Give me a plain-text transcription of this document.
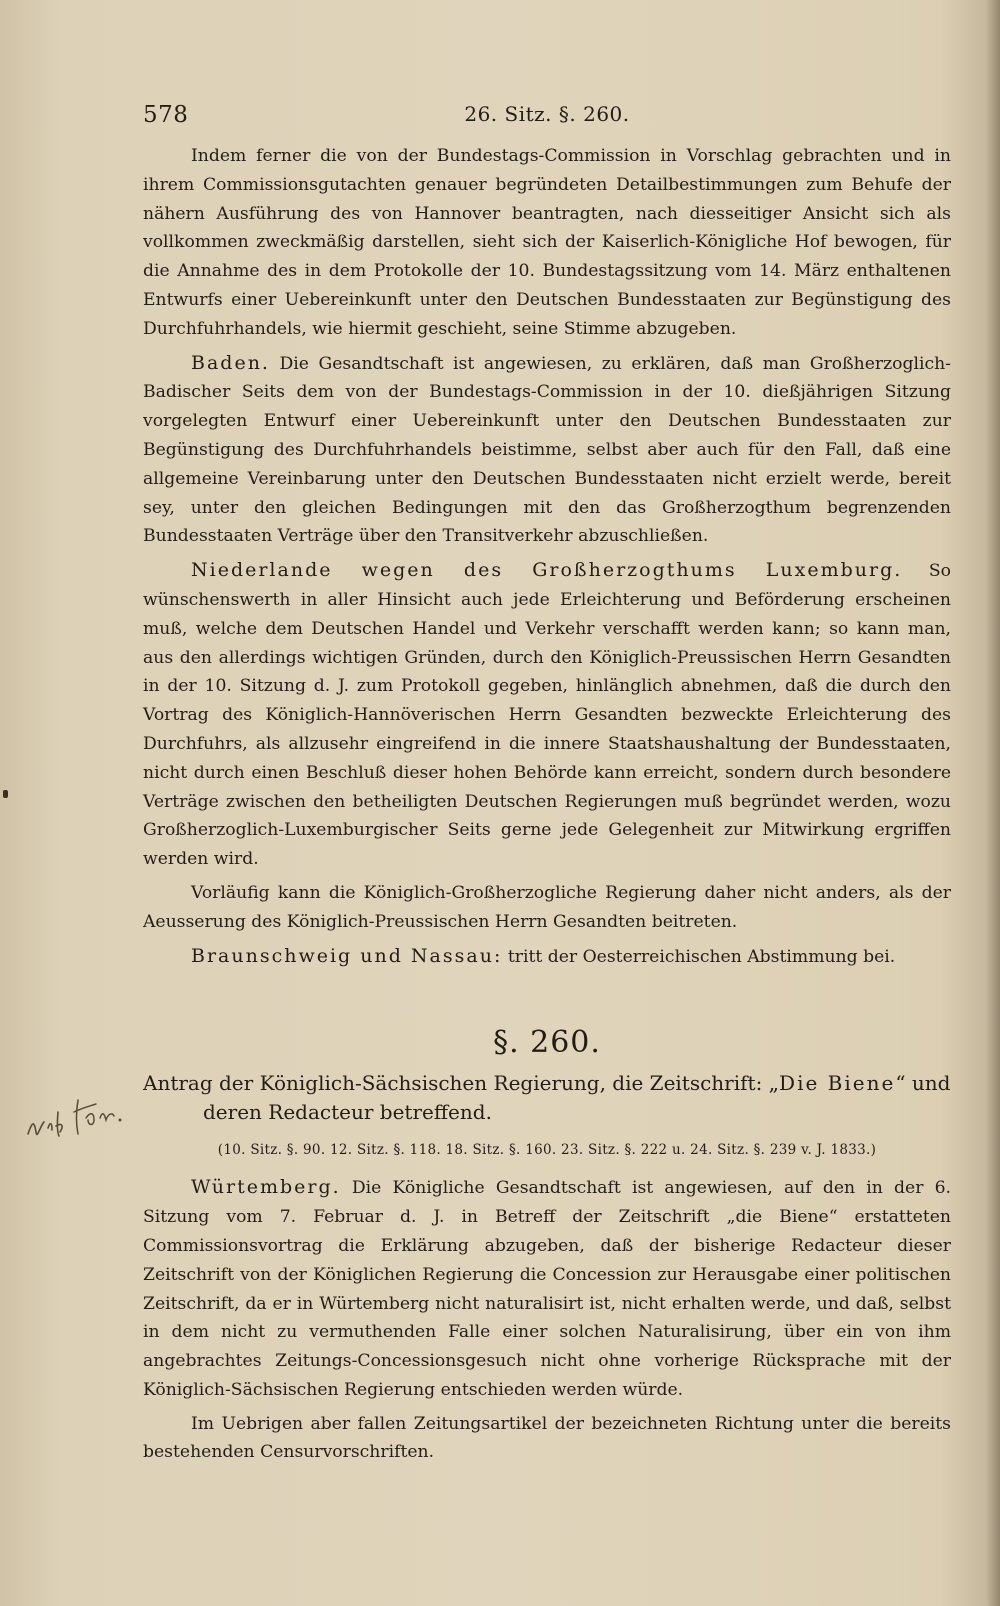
578	26. Sitz. §. 260.

Indem ferner die von der Bundestags-Commission in Vorschlag gebrachten und in ihrem Commissionsgutachten genauer begründeten Detailbestimmungen zum Behufe der nähern Ausführung des von Hannover beantragten, nach diesseitiger Ansicht sich als vollkommen zweckmäßig darstellen, sieht sich der Kaiserlich-Königliche Hof bewogen, für die Annahme des in dem Protokolle der 10. Bundestagssitzung vom 14. März enthaltenen Entwurfs einer Uebereinkunft unter den Deutschen Bundesstaaten zur Begünstigung des Durchfuhrhandels, wie hiermit geschieht, seine Stimme abzugeben.

Baden. Die Gesandtschaft ist angewiesen, zu erklären, daß man Großherzoglich-Badischer Seits dem von der Bundestags-Commission in der 10. dießjährigen Sitzung vorgelegten Entwurf einer Uebereinkunft unter den Deutschen Bundesstaaten zur Begünstigung des Durchfuhrhandels beistimme, selbst aber auch für den Fall, daß eine allgemeine Vereinbarung unter den Deutschen Bundesstaaten nicht erzielt werde, bereit sey, unter den gleichen Bedingungen mit den das Großherzogthum begrenzenden Bundesstaaten Verträge über den Transitverkehr abzuschließen.

Niederlande wegen des Großherzogthums Luxemburg. So wünschenswerth in aller Hinsicht auch jede Erleichterung und Beförderung erscheinen muß, welche dem Deutschen Handel und Verkehr verschafft werden kann; so kann man, aus den allerdings wichtigen Gründen, durch den Königlich-Preussischen Herrn Gesandten in der 10. Sitzung d. J. zum Protokoll gegeben, hinlänglich abnehmen, daß die durch den Vortrag des Königlich-Hannöverischen Herrn Gesandten bezweckte Erleichterung des Durchfuhrs, als allzusehr eingreifend in die innere Staatshaushaltung der Bundesstaaten, nicht durch einen Beschluß dieser hohen Behörde kann erreicht, sondern durch besondere Verträge zwischen den betheiligten Deutschen Regierungen muß begründet werden, wozu Großherzoglich-Luxemburgischer Seits gerne jede Gelegenheit zur Mitwirkung ergriffen werden wird.

Vorläufig kann die Königlich-Großherzogliche Regierung daher nicht anders, als der Aeusserung des Königlich-Preussischen Herrn Gesandten beitreten.

Braunschweig und Nassau: tritt der Oesterreichischen Abstimmung bei.

§. 260.
Antrag der Königlich-Sächsischen Regierung, die Zeitschrift: „Die Biene“ und deren Redacteur betreffend.
(10. Sitz. §. 90. 12. Sitz. §. 118. 18. Sitz. §. 160. 23. Sitz. §. 222 u. 24. Sitz. §. 239 v. J. 1833.)

Würtemberg. Die Königliche Gesandtschaft ist angewiesen, auf den in der 6. Sitzung vom 7. Februar d. J. in Betreff der Zeitschrift „die Biene“ erstatteten Commissionsvortrag die Erklärung abzugeben, daß der bisherige Redacteur dieser Zeitschrift von der Königlichen Regierung die Concession zur Herausgabe einer politischen Zeitschrift, da er in Würtemberg nicht naturalisirt ist, nicht erhalten werde, und daß, selbst in dem nicht zu vermuthenden Falle einer solchen Naturalisirung, über ein von ihm angebrachtes Zeitungs-Concessionsgesuch nicht ohne vorherige Rücksprache mit der Königlich-Sächsischen Regierung entschieden werden würde.

Im Uebrigen aber fallen Zeitungsartikel der bezeichneten Richtung unter die bereits bestehenden Censurvorschriften.
